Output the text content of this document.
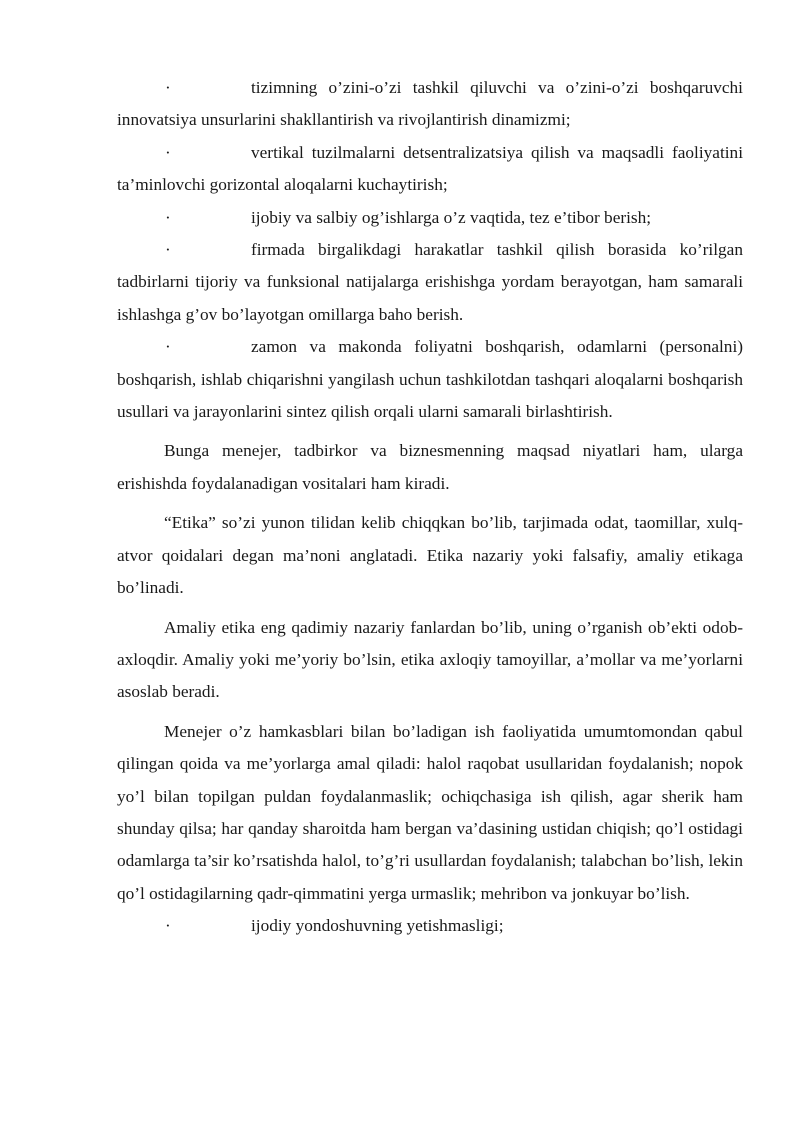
·	tizimning o’zini-o’zi tashkil qiluvchi va o’zini-o’zi boshqaruvchi innovatsiya unsurlarini shakllantirish va rivojlantirish dinamizmi;

·	vertikal tuzilmalarni detsentralizatsiya qilish va maqsadli faoliyatini ta’minlovchi gorizontal aloqalarni kuchaytirish;

·	ijobiy va salbiy og’ishlarga o’z vaqtida, tez e’tibor berish;

·	firmada birgalikdagi harakatlar tashkil qilish borasida ko’rilgan tadbirlarni tijoriy va funksional natijalarga erishishga yordam berayotgan, ham samarali ishlashga g’ov bo’layotgan omillarga baho berish.

·	zamon va makonda foliyatni boshqarish, odamlarni (personalni) boshqarish, ishlab chiqarishni yangilash uchun tashkilotdan tashqari aloqalarni boshqarish usullari va jarayonlarini sintez qilish orqali ularni samarali birlashtirish.

Bunga menejer, tadbirkor va biznesmenning maqsad niyatlari ham, ularga erishishda foydalanadigan vositalari ham kiradi.

“Etika” so’zi yunon tilidan kelib chiqqkan bo’lib, tarjimada odat, taomillar, xulq-atvor qoidalari degan ma’noni anglatadi. Etika nazariy yoki falsafiy, amaliy etikaga bo’linadi.

Amaliy etika eng qadimiy nazariy fanlardan bo’lib, uning o’rganish ob’ekti odob-axloqdir. Amaliy yoki me’yoriy bo’lsin, etika axloqiy tamoyillar, a’mollar va me’yorlarni asoslab beradi.

Menejer o’z hamkasblari bilan bo’ladigan ish faoliyatida umumtomondan qabul qilingan qoida va me’yorlarga amal qiladi: halol raqobat usullaridan foydalanish; nopok yo’l bilan topilgan puldan foydalanmaslik; ochiqchasiga ish qilish, agar sherik ham shunday qilsa; har qanday sharoitda ham bergan va’dasining ustidan chiqish; qo’l ostidagi odamlarga ta’sir ko’rsatishda halol, to’g’ri usullardan foydalanish; talabchan bo’lish, lekin qo’l ostidagilarning qadr-qimmatini yerga urmaslik; mehribon va jonkuyar bo’lish.

·	ijodiy yondoshuvning yetishmasligi;
